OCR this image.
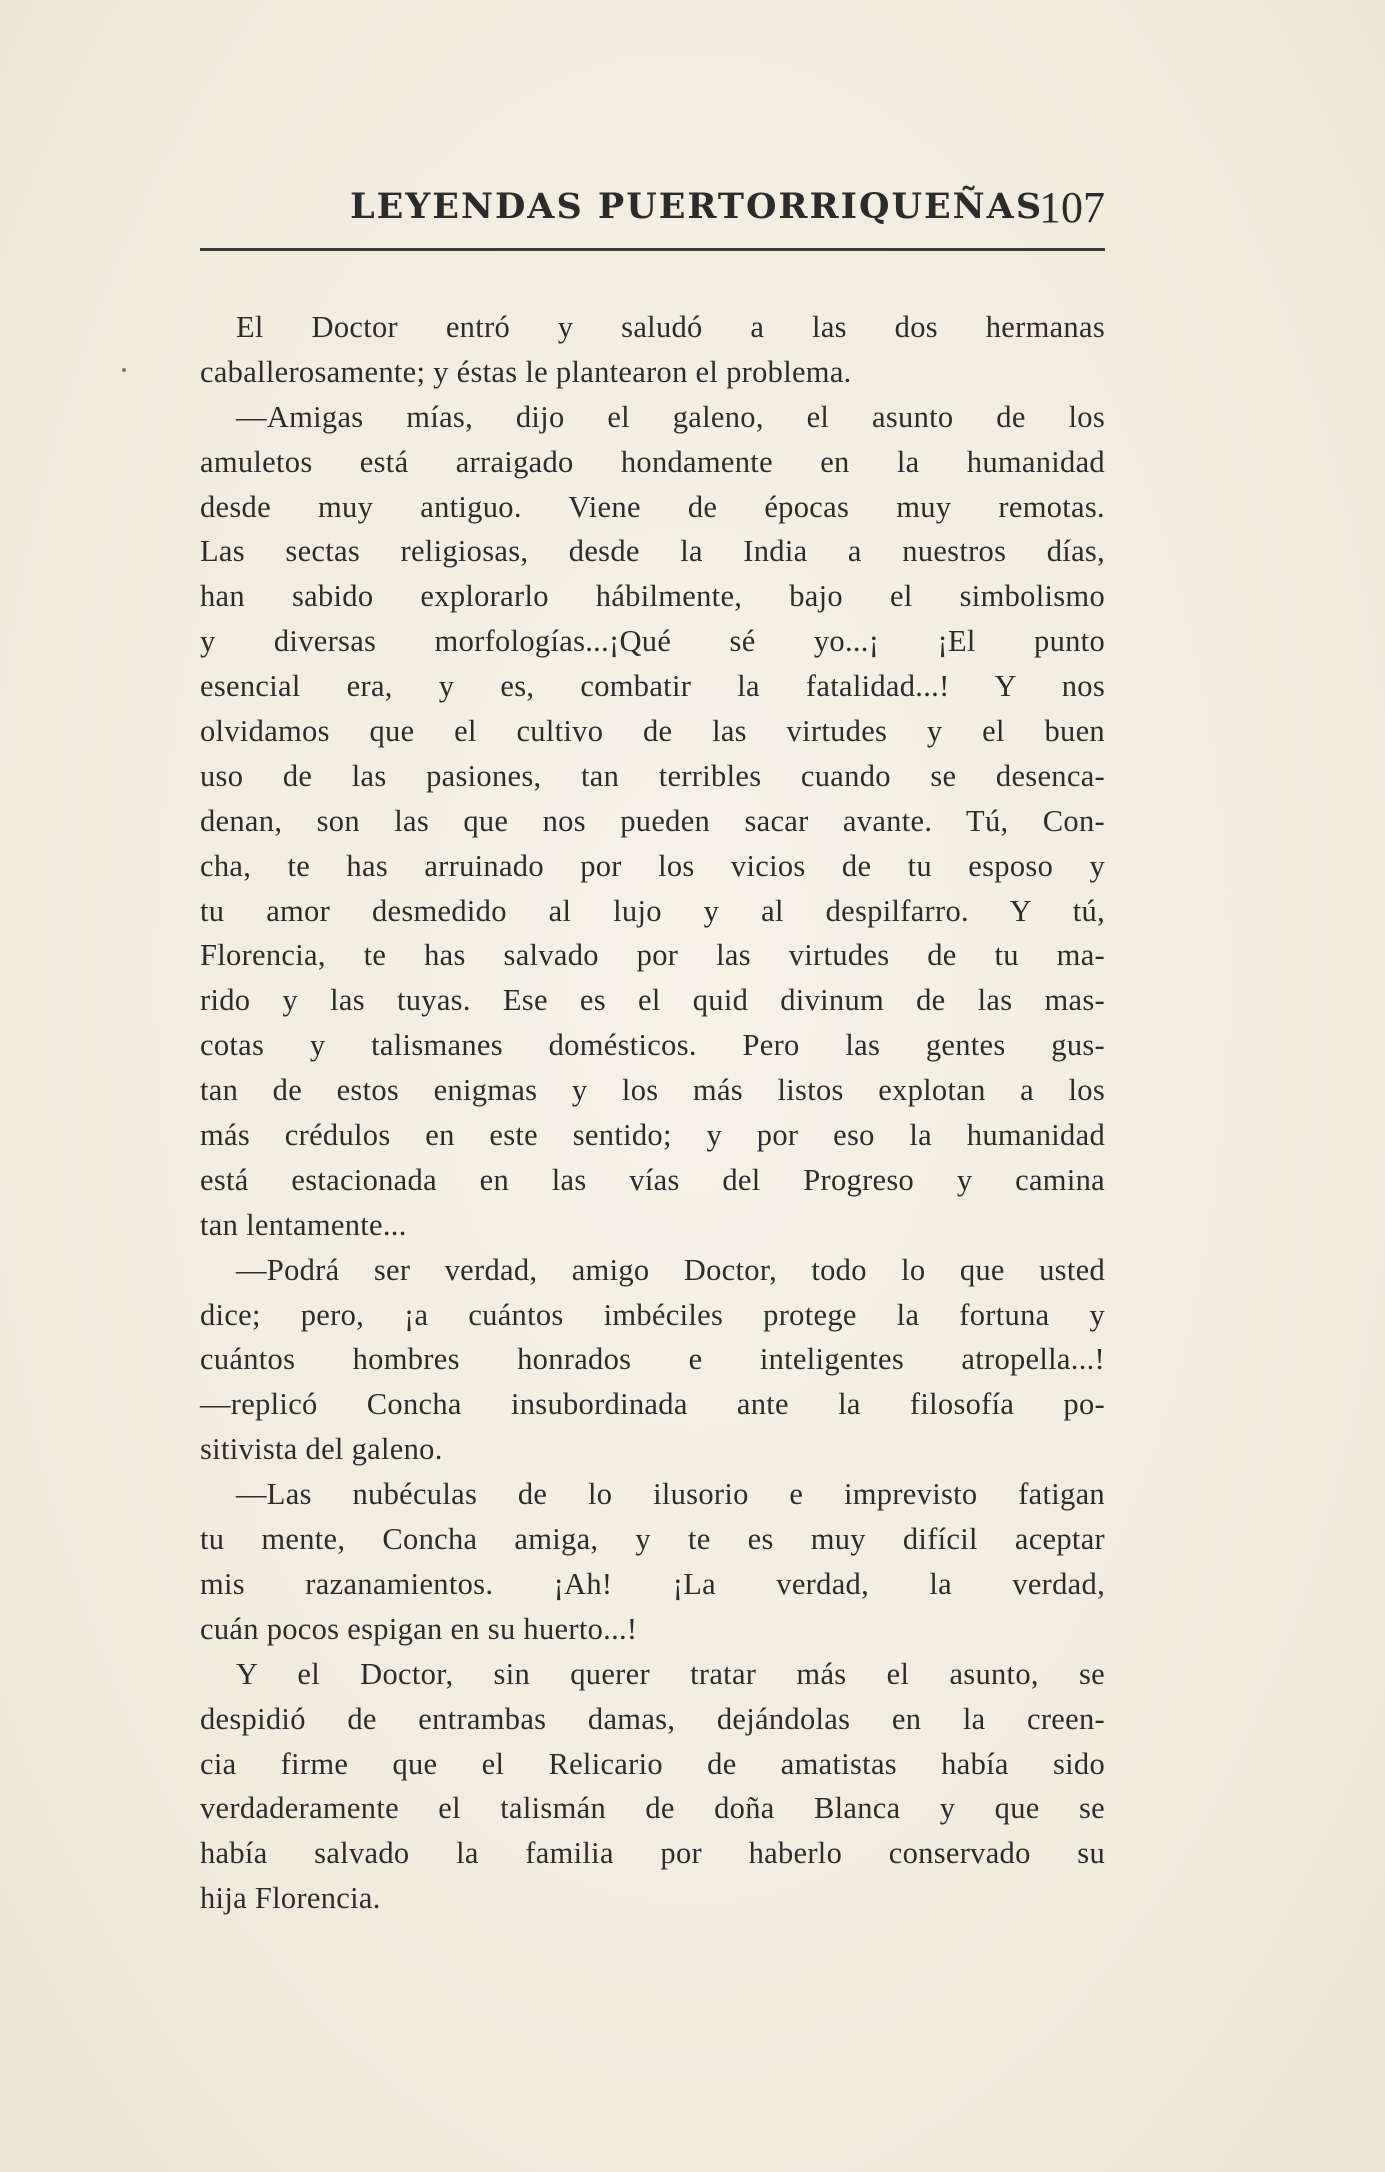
LEYENDAS PUERTORRIQUEÑAS
107
El Doctor entró y saludó a las dos hermanas
caballerosamente; y éstas le plantearon el problema.
—Amigas mías, dijo el galeno, el asunto de los
amuletos está arraigado hondamente en la humanidad
desde muy antiguo. Viene de épocas muy remotas.
Las sectas religiosas, desde la India a nuestros días,
han sabido explorarlo hábilmente, bajo el simbolismo
y diversas morfologías...¡Qué sé yo...¡ ¡El punto
esencial era, y es, combatir la fatalidad...! Y nos
olvidamos que el cultivo de las virtudes y el buen
uso de las pasiones, tan terribles cuando se desenca-
denan, son las que nos pueden sacar avante. Tú, Con-
cha, te has arruinado por los vicios de tu esposo y
tu amor desmedido al lujo y al despilfarro. Y tú,
Florencia, te has salvado por las virtudes de tu ma-
rido y las tuyas. Ese es el quid divinum de las mas-
cotas y talismanes domésticos. Pero las gentes gus-
tan de estos enigmas y los más listos explotan a los
más crédulos en este sentido; y por eso la humanidad
está estacionada en las vías del Progreso y camina
tan lentamente...
—Podrá ser verdad, amigo Doctor, todo lo que usted
dice; pero, ¡a cuántos imbéciles protege la fortuna y
cuántos hombres honrados e inteligentes atropella...!
—replicó Concha insubordinada ante la filosofía po-
sitivista del galeno.
—Las nubéculas de lo ilusorio e imprevisto fatigan
tu mente, Concha amiga, y te es muy difícil aceptar
mis razanamientos. ¡Ah! ¡La verdad, la verdad,
cuán pocos espigan en su huerto...!
Y el Doctor, sin querer tratar más el asunto, se
despidió de entrambas damas, dejándolas en la creen-
cia firme que el Relicario de amatistas había sido
verdaderamente el talismán de doña Blanca y que se
había salvado la familia por haberlo conservado su
hija Florencia.
